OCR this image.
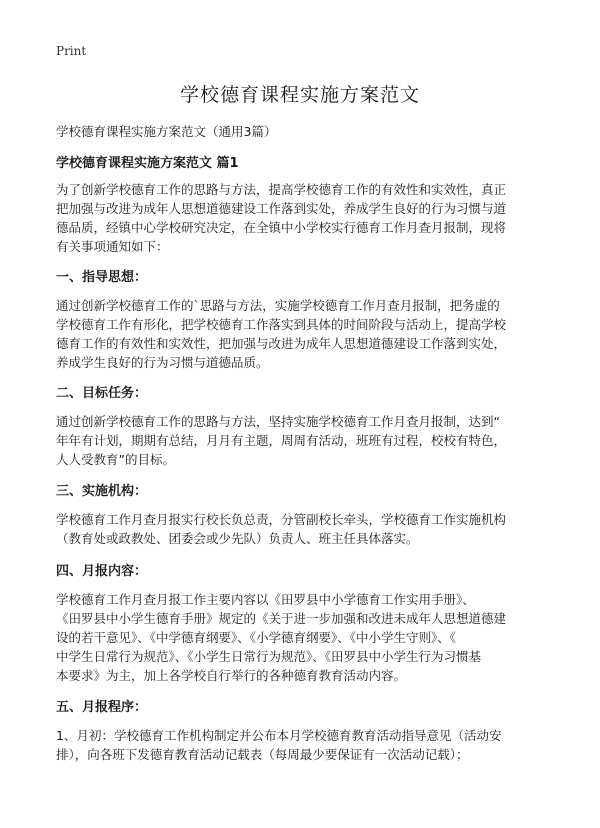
Print
学校德育课程实施方案范文
学校德育课程实施方案范文（通用3篇）
学校德育课程实施方案范文 篇1

为了创新学校德育工作的思路与方法，提高学校德育工作的有效性和实效性，真正
把加强与改进为成年人思想道德建设工作落到实处，养成学生良好的行为习惯与道
德品质，经镇中心学校研究决定，在全镇中小学校实行德育工作月查月报制，现将
有关事项通知如下：

一、指导思想：

通过创新学校德育工作的`思路与方法，实施学校德育工作月查月报制，把务虚的
学校德育工作有形化，把学校德育工作落实到具体的时间阶段与活动上，提高学校
德育工作的有效性和实效性，把加强与改进为成年人思想道德建设工作落到实处，
养成学生良好的行为习惯与道德品质。

二、目标任务：

通过创新学校德育工作的思路与方法，坚持实施学校德育工作月查月报制，达到“
年年有计划，期期有总结，月月有主题，周周有活动，班班有过程，校校有特色，
人人受教育”的目标。

三、实施机构：

学校德育工作月查月报实行校长负总责，分管副校长牵头，学校德育工作实施机构
（教育处或政教处、团委会或少先队）负责人、班主任具体落实。

四、月报内容：

学校德育工作月查月报工作主要内容以《田罗县中小学德育工作实用手册》、
《田罗县中小学生德育手册》规定的《关于进一步加强和改进未成年人思想道德建
设的若干意见》、《中学德育纲要》、《小学德育纲要》、《中小学生守则》、《
中学生日常行为规范》、《小学生日常行为规范》、《田罗县中小学生行为习惯基
本要求》为主，加上各学校自行举行的各种德育教育活动内容。

五、月报程序：

1、月初：学校德育工作机构制定并公布本月学校德育教育活动指导意见（活动安
排），向各班下发德育教育活动记载表（每周最少要保证有一次活动记载）；
